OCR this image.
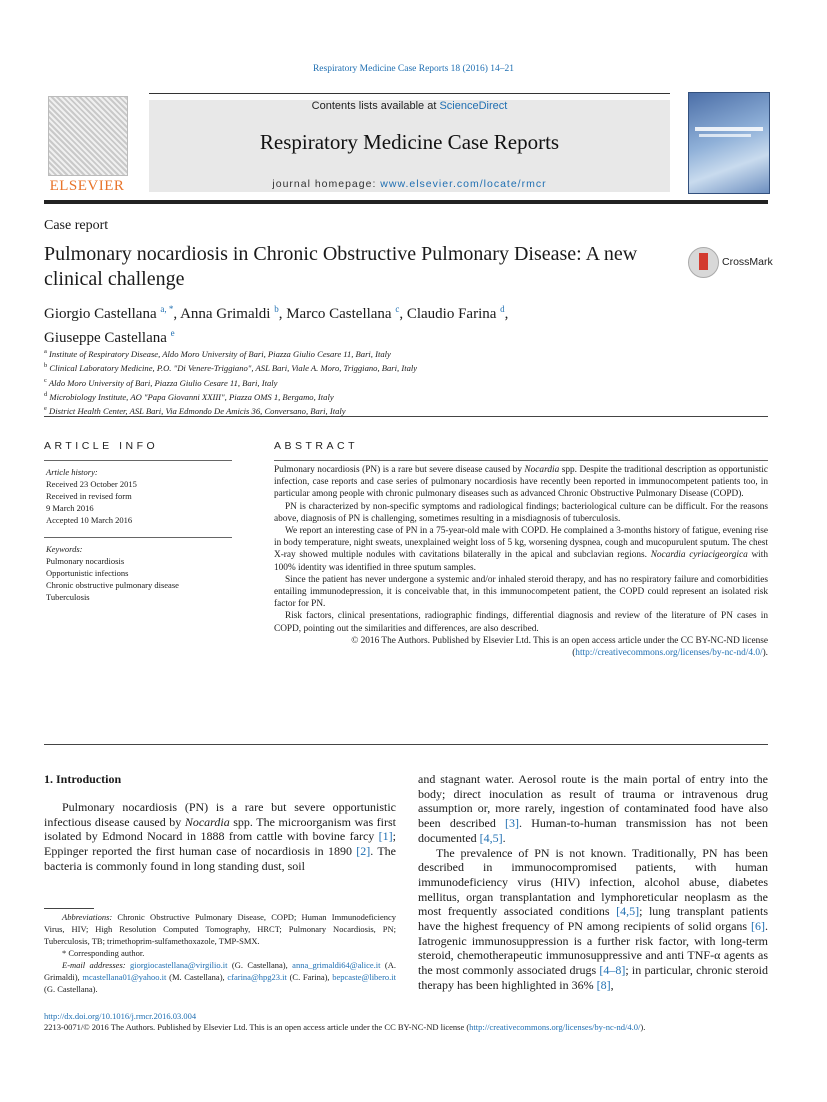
Respiratory Medicine Case Reports 18 (2016) 14–21
ELSEVIER
Contents lists available at ScienceDirect
Respiratory Medicine Case Reports
journal homepage: www.elsevier.com/locate/rmcr
Case report
Pulmonary nocardiosis in Chronic Obstructive Pulmonary Disease: A new clinical challenge
CrossMark
Giorgio Castellana $^{a, *}$, Anna Grimaldi $^b$, Marco Castellana $^c$, Claudio Farina $^d$,
Giuseppe Castellana $^e$
$^a$ Institute of Respiratory Disease, Aldo Moro University of Bari, Piazza Giulio Cesare 11, Bari, Italy
$^b$ Clinical Laboratory Medicine, P.O. "Di Venere-Triggiano", ASL Bari, Viale A. Moro, Triggiano, Bari, Italy
$^c$ Aldo Moro University of Bari, Piazza Giulio Cesare 11, Bari, Italy
$^d$ Microbiology Institute, AO "Papa Giovanni XXIII", Piazza OMS 1, Bergamo, Italy
$^e$ District Health Center, ASL Bari, Via Edmondo De Amicis 36, Conversano, Bari, Italy
ARTICLE INFO
Article history:
Received 23 October 2015
Received in revised form
9 March 2016
Accepted 10 March 2016
Keywords:
Pulmonary nocardiosis
Opportunistic infections
Chronic obstructive pulmonary disease
Tuberculosis
ABSTRACT

Pulmonary nocardiosis (PN) is a rare but severe disease caused by Nocardia spp. Despite the traditional description as opportunistic infection, case reports and case series of pulmonary nocardiosis have recently been reported in immunocompetent patients too, in particular among people with chronic pulmonary diseases such as advanced Chronic Obstructive Pulmonary Disease (COPD).

PN is characterized by non-specific symptoms and radiological findings; bacteriological culture can be difficult. For the reasons above, diagnosis of PN is challenging, sometimes resulting in a misdiagnosis of tuberculosis.

We report an interesting case of PN in a 75-year-old male with COPD. He complained a 3-months history of fatigue, evening rise in body temperature, night sweats, unexplained weight loss of 5 kg, worsening dyspnea, cough and mucopurulent sputum. The chest X-ray showed multiple nodules with cavitations bilaterally in the apical and subclavian regions. Nocardia cyriacigeorgica with 100% identity was identified in three sputum samples.

Since the patient has never undergone a systemic and/or inhaled steroid therapy, and has no respiratory failure and comorbidities entailing immunodepression, it is conceivable that, in this immunocompetent patient, the COPD could represent an isolated risk factor for PN.

Risk factors, clinical presentations, radiographic findings, differential diagnosis and review of the literature of PN cases in COPD, pointing out the similarities and differences, are also described.

© 2016 The Authors. Published by Elsevier Ltd. This is an open access article under the CC BY-NC-ND license (http://creativecommons.org/licenses/by-nc-nd/4.0/).

1. Introduction

Pulmonary nocardiosis (PN) is a rare but severe opportunistic infectious disease caused by Nocardia spp. The microorganism was first isolated by Edmond Nocard in 1888 from cattle with bovine farcy [1]; Eppinger reported the first human case of nocardiosis in 1890 [2]. The bacteria is commonly found in long standing dust, soil

and stagnant water. Aerosol route is the main portal of entry into the body; direct inoculation as result of trauma or intravenous drug assumption or, more rarely, ingestion of contaminated food have also been described [3]. Human-to-human transmission has not been documented [4,5].

The prevalence of PN is not known. Traditionally, PN has been described in immunocompromised patients, with human immunodeficiency virus (HIV) infection, alcohol abuse, diabetes mellitus, organ transplantation and lymphoreticular neoplasm as the most frequently associated conditions [4,5]; lung transplant patients have the highest frequency of PN among recipients of solid organs [6]. Iatrogenic immunosuppression is a further risk factor, with long-term steroid, chemotherapeutic immunosuppressive and anti TNF-α agents as the most commonly associated drugs [4–8]; in particular, chronic steroid therapy has been highlighted in 36% [8],

Abbreviations: Chronic Obstructive Pulmonary Disease, COPD; Human Immunodeficiency Virus, HIV; High Resolution Computed Tomography, HRCT; Pulmonary Nocardiosis, PN; Tuberculosis, TB; trimethoprim-sulfamethoxazole, TMP-SMX.

* Corresponding author.

E-mail addresses: giorgiocastellana@virgilio.it (G. Castellana), anna_grimaldi64@alice.it (A. Grimaldi), mcastellana01@yahoo.it (M. Castellana), cfarina@hpg23.it (C. Farina), bepcaste@libero.it (G. Castellana).

http://dx.doi.org/10.1016/j.rmcr.2016.03.004
2213-0071/© 2016 The Authors. Published by Elsevier Ltd. This is an open access article under the CC BY-NC-ND license (http://creativecommons.org/licenses/by-nc-nd/4.0/).
